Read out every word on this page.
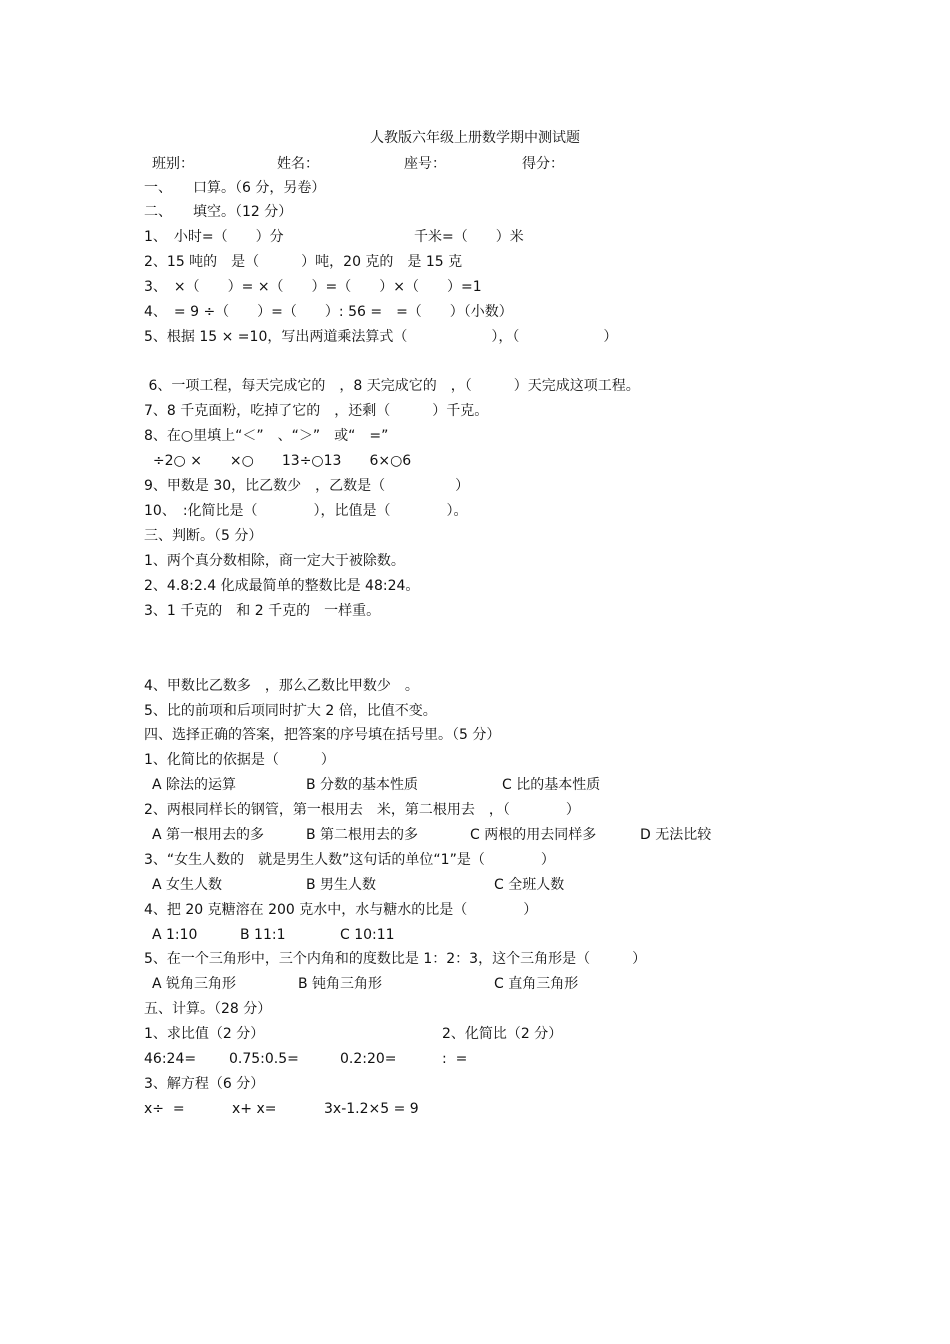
人教版六年级上册数学期中测试题
班别：	姓名：	座号：	得分：
一、　　口算。（6 分，另卷）
二、　　填空。（12 分）
1、　小时=（　　）分	千米=（　　）米
2、15 吨的　是（　　　）吨，20 克的　是 15 克
3、　×（　　）= ×（　　）=（　　）×（　　）=1
4、　= 9 ÷（　　）=（　　）: 56 =　=（　　）（小数）
5、根据 15 × =10，写出两道乘法算式（　　　　　　），（　　　　　　）
6、一项工程，每天完成它的　，8 天完成它的　，（　　　）天完成这项工程。
7、8 千克面粉，吃掉了它的　，还剩（　　　）千克。
8、在○里填上“＜”　、“＞”　或“　=”
÷2○ ×　　×○　　13÷○13　　6×○6
9、甲数是 30，比乙数少　，乙数是（　　　　　）
10、　:化简比是（　　　　），比值是（　　　　）。
三、判断。（5 分）
1、两个真分数相除，商一定大于被除数。
2、4.8:2.4 化成最简单的整数比是 48:24。
3、1 千克的　和 2 千克的　一样重。
4、甲数比乙数多　，那么乙数比甲数少　。
5、比的前项和后项同时扩大 2 倍，比值不变。
四、选择正确的答案，把答案的序号填在括号里。（5 分）
1、化简比的依据是（　　　）
A 除法的运算	B 分数的基本性质	C 比的基本性质
2、两根同样长的钢管，第一根用去　米，第二根用去　，（　　　　）
A 第一根用去的多	B 第二根用去的多	C 两根的用去同样多	D 无法比较
3、“女生人数的　就是男生人数”这句话的单位“1”是（　　　　）
A 女生人数	B 男生人数	C 全班人数
4、把 20 克糖溶在 200 克水中，水与糖水的比是（　　　　）
A 1:10	B 11:1	C 10:11
5、在一个三角形中，三个内角和的度数比是 1：2：3，这个三角形是（　　　）
A 锐角三角形	B 钝角三角形	C 直角三角形
五、计算。（28 分）
1、求比值（2 分）	2、化简比（2 分）
46:24= 0.75:0.5=	0.2:20=	:  =
3、解方程（6 分）
x÷  =	x+ x=	3x-1.2×5 = 9
